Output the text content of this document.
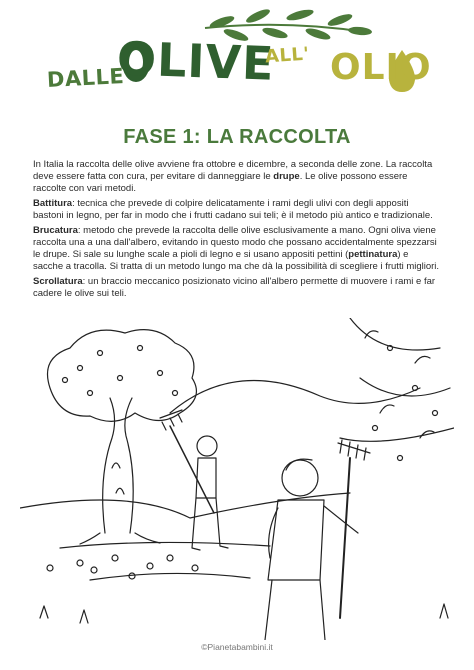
DALLE
OLIVE
ALL' OLIO
FASE 1: LA RACCOLTA

In Italia la raccolta delle olive avviene fra ottobre e dicembre, a seconda delle zone. La raccolta deve essere fatta con cura, per evitare di danneggiare le drupe. Le olive possono essere raccolte con vari metodi.

Battitura: tecnica che prevede di colpire delicatamente i rami degli ulivi con degli appositi bastoni in legno, per far in modo che i frutti cadano sui teli; è il metodo più antico e tradizionale.

Brucatura: metodo che prevede la raccolta delle olive esclusivamente a mano. Ogni oliva viene raccolta una a una dall'albero, evitando in questo modo che possano accidentalmente spezzarsi le drupe. Si sale su lunghe scale a pioli di legno e si usano appositi pettini (pettinatura) e sacche a tracolla. Si tratta di un metodo lungo ma che dà la possibilità di scegliere i frutti migliori.

Scrollatura: un braccio meccanico posizionato vicino all'albero permette di muovere i rami e far cadere le olive sui teli.

©Pianetabambini.it
